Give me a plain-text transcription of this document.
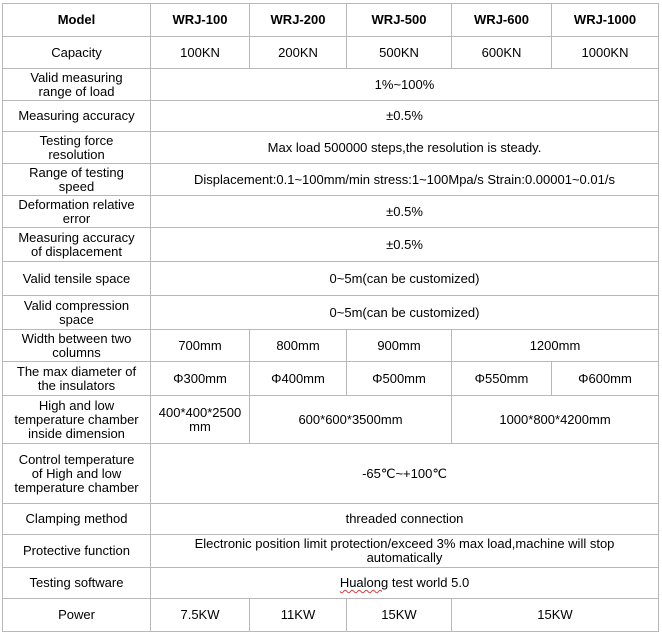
Model	WRJ-100	WRJ-200	WRJ-500	WRJ-600	WRJ-1000
Capacity	100KN	200KN	500KN	600KN	1000KN
Valid measuring
range of load	1%~100%				
Measuring accuracy	±0.5%				
Testing force
resolution	Max load 500000 steps,the resolution is steady.				
Range of testing
speed	Displacement:0.1~100mm/min stress:1~100Mpa/s Strain:0.00001~0.01/s				
Deformation relative
error	±0.5%				
Measuring accuracy
of displacement	±0.5%				
Valid tensile space	0~5m(can be customized)				
Valid compression
space	0~5m(can be customized)				
Width between two
columns	700mm	800mm	900mm	1200mm	
The max diameter of
the insulators	Φ300mm	Φ400mm	Φ500mm	Φ550mm	Φ600mm
High and low
temperature chamber
inside dimension	400*400*2500
mm	600*600*3500mm		1000*800*4200mm	
Control temperature
of High and low
temperature chamber	-65℃~+100℃				
Clamping method	threaded connection				
Protective function	Electronic position limit protection/exceed 3% max load,machine will stop
automatically				
Testing software	Hualong test world 5.0				
Power	7.5KW	11KW	15KW	15KW	
